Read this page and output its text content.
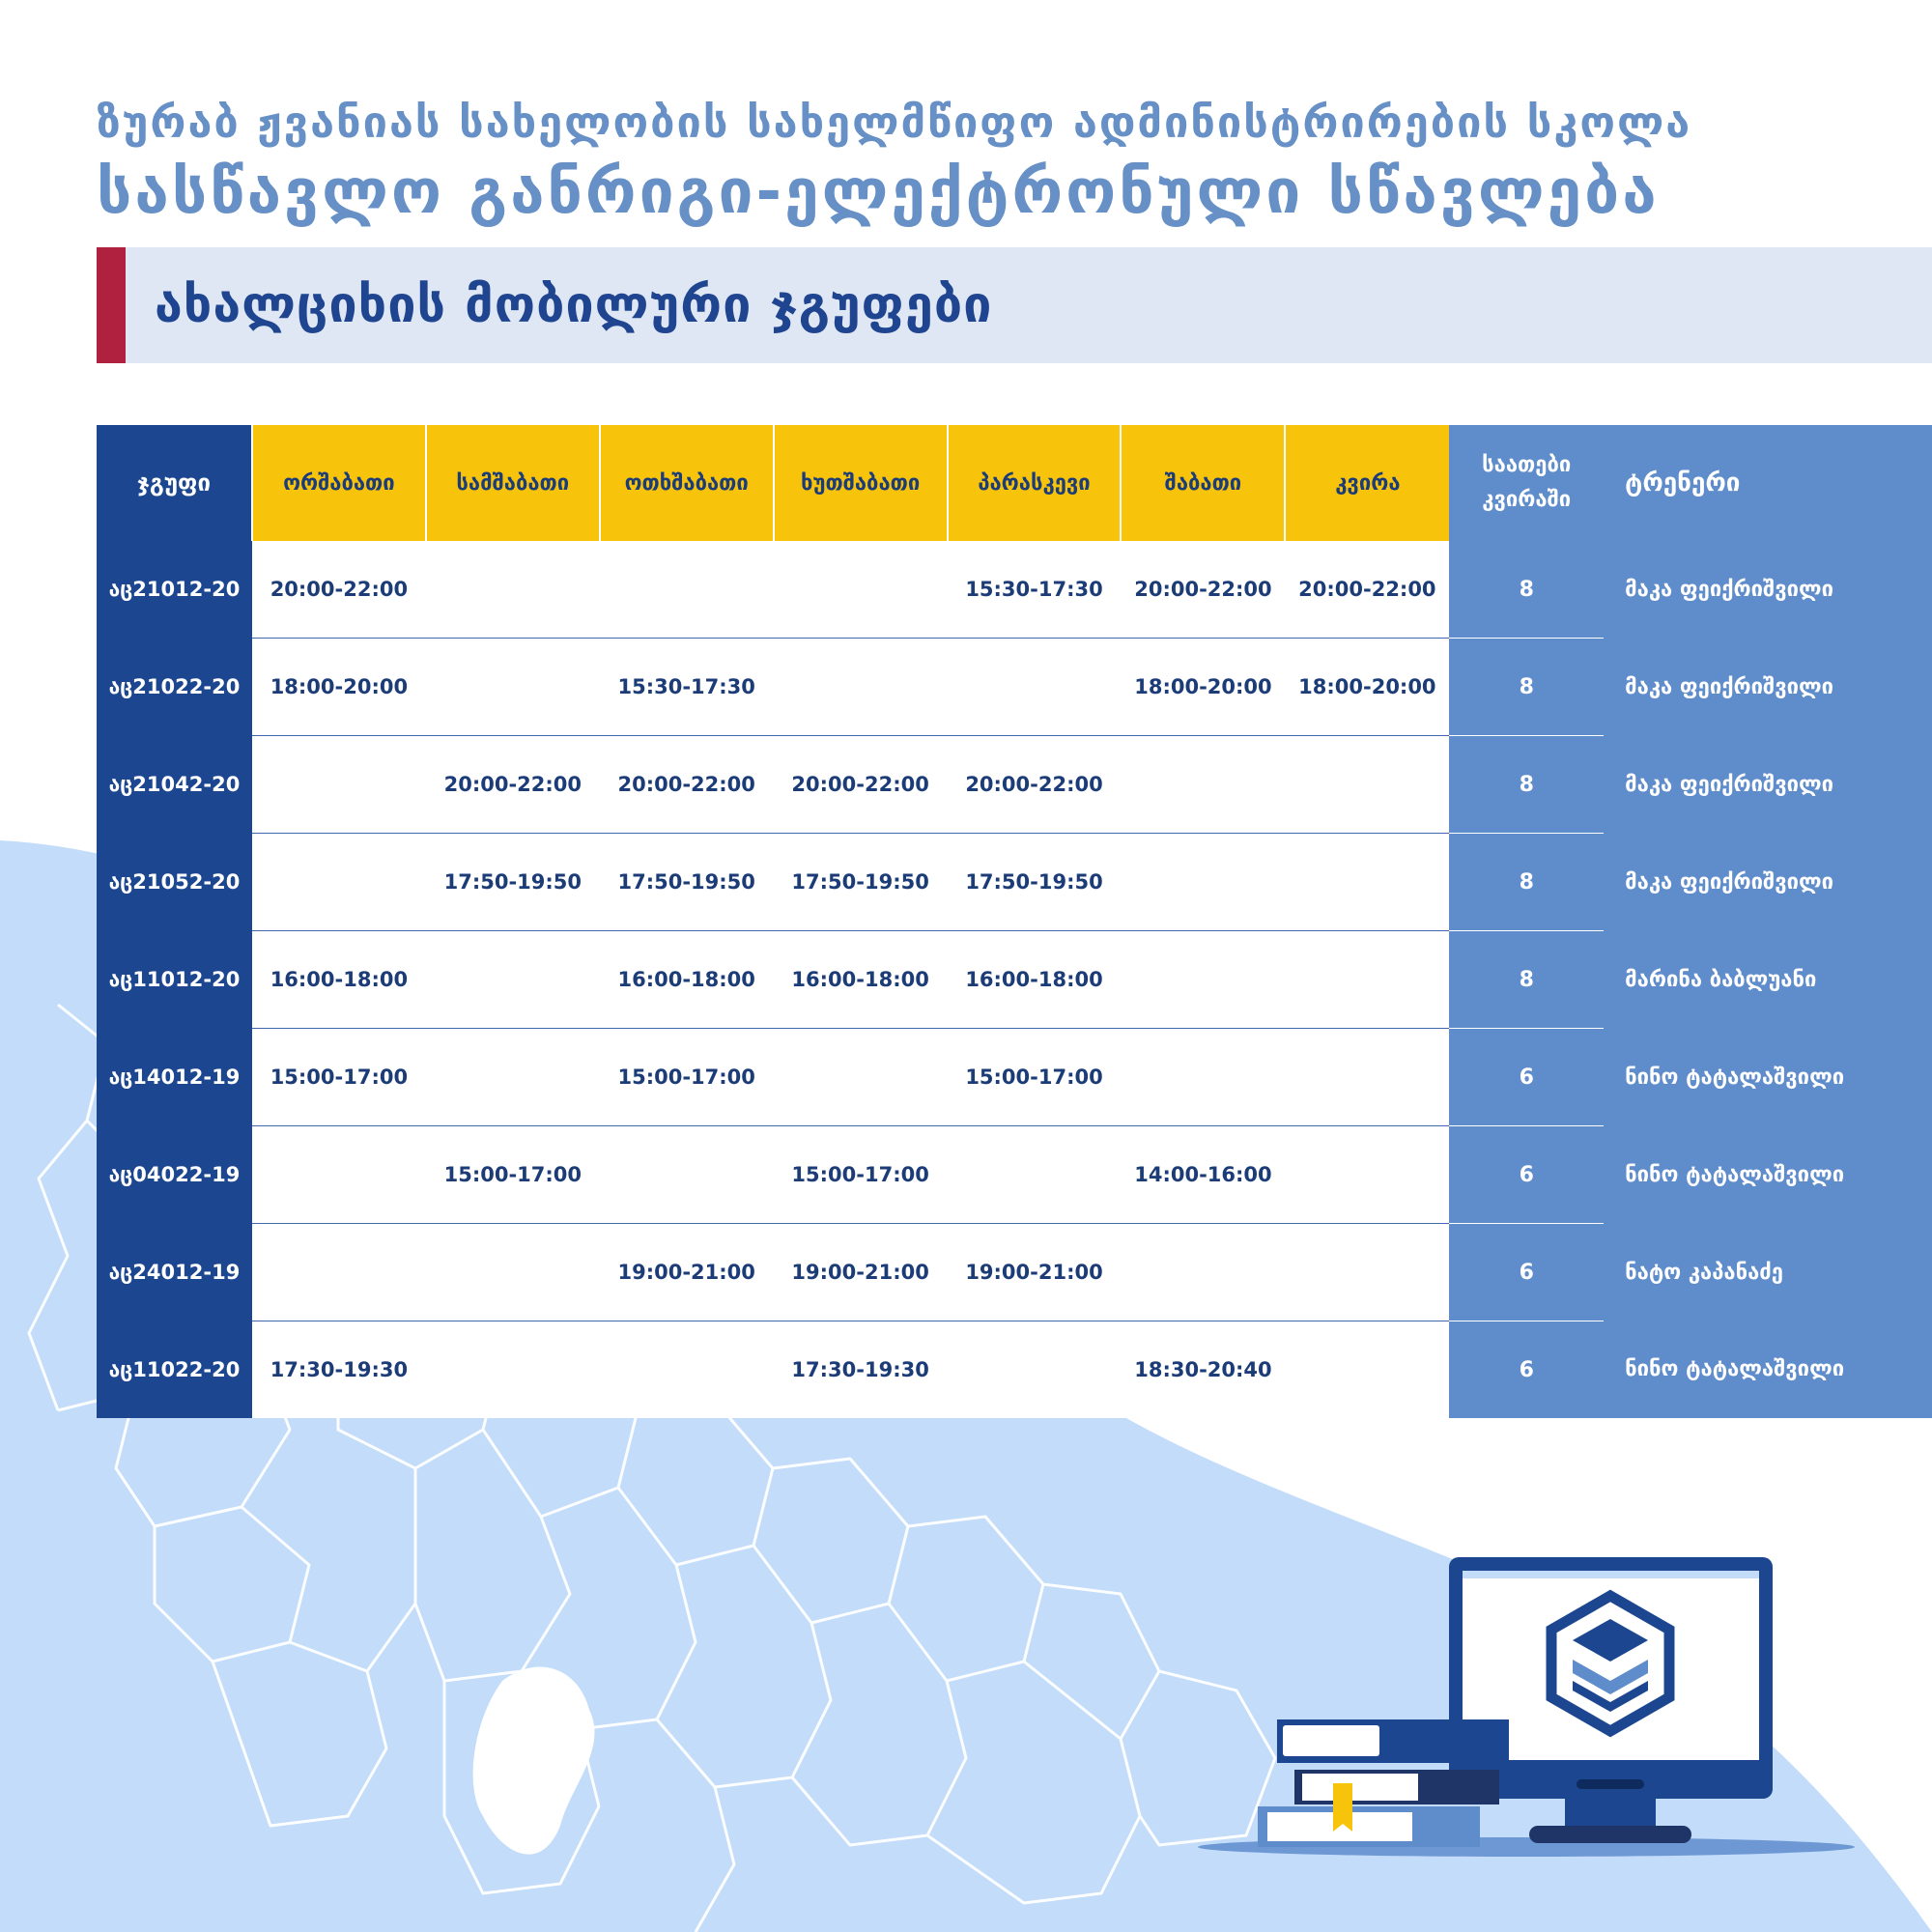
ზურაბ ჟვანიას სახელობის სახელმწიფო ადმინისტრირების სკოლა
სასწავლო განრიგი-ელექტრონული სწავლება
ახალციხის მობილური ჯგუფები
ჯგუფი	ორშაბათი	სამშაბათი	ოთხშაბათი	ხუთშაბათი	პარასკევი	შაბათი	კვირა	საათები
კვირაში	ტრენერი
აც21012-20	20:00-22:00				15:30-17:30	20:00-22:00	20:00-22:00	8	მაკა ფეიქრიშვილი
აც21022-20	18:00-20:00		15:30-17:30			18:00-20:00	18:00-20:00	8	მაკა ფეიქრიშვილი
აც21042-20		20:00-22:00	20:00-22:00	20:00-22:00	20:00-22:00			8	მაკა ფეიქრიშვილი
აც21052-20		17:50-19:50	17:50-19:50	17:50-19:50	17:50-19:50			8	მაკა ფეიქრიშვილი
აც11012-20	16:00-18:00		16:00-18:00	16:00-18:00	16:00-18:00			8	მარინა ბაბლუანი
აც14012-19	15:00-17:00		15:00-17:00		15:00-17:00			6	ნინო ტატალაშვილი
აც04022-19		15:00-17:00		15:00-17:00		14:00-16:00		6	ნინო ტატალაშვილი
აც24012-19			19:00-21:00	19:00-21:00	19:00-21:00			6	ნატო კაპანაძე
აც11022-20	17:30-19:30			17:30-19:30		18:30-20:40		6	ნინო ტატალაშვილი
